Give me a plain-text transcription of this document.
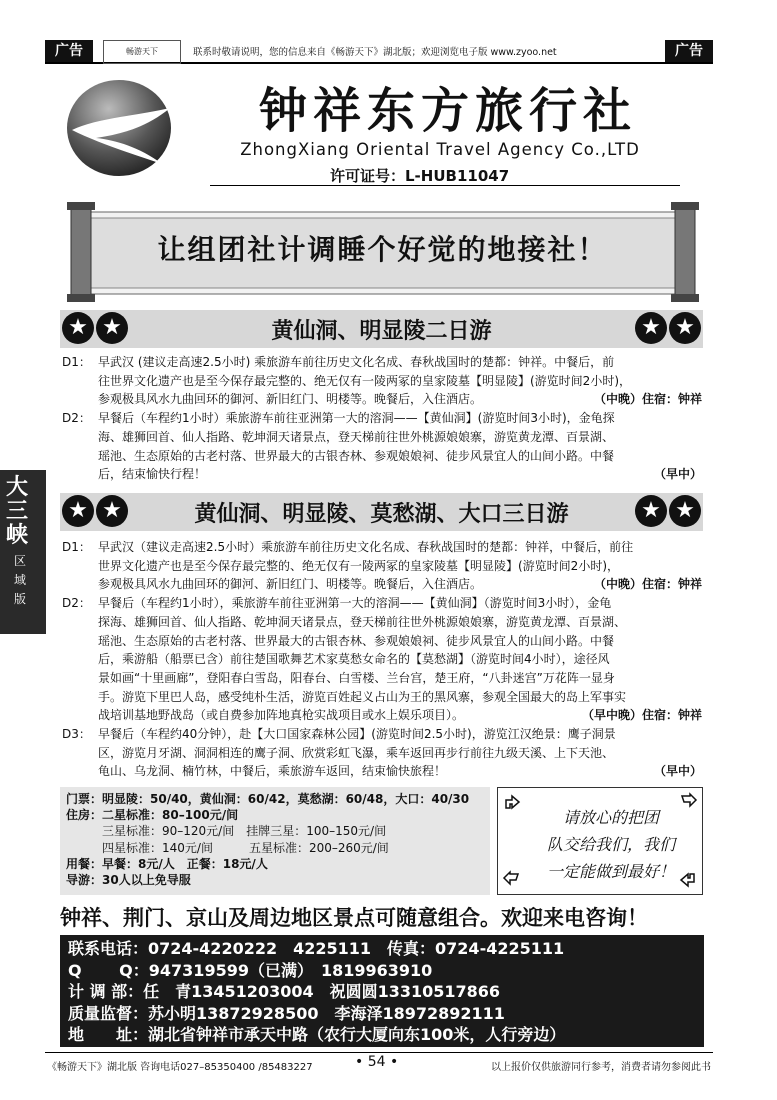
广告	畅游天下	联系时敬请说明，您的信息来自《畅游天下》湖北版；欢迎浏览电子版 www.zyoo.net	广告
钟祥东方旅行社
ZhongXiang Oriental Travel Agency Co.,LTD
许可证号：L-HUB11047
让组团社计调睡个好觉的地接社！
大
三
峡
区
域
版
★ ★	黄仙洞、明显陵二日游	★ ★
D1： 早武汉 (建议走高速2.5小时) 乘旅游车前往历史文化名成、春秋战国时的楚都：钟祥。中餐后，前
往世界文化遗产也是至今保存最完整的、绝无仅有一陵两冢的皇家陵墓【明显陵】(游览时间2小时)，
（中晚）住宿：钟祥
参观极具风水九曲回环的御河、新旧红门、明楼等。晚餐后，入住酒店。
D2： 早餐后（车程约1小时）乘旅游车前往亚洲第一大的溶洞——【黄仙洞】(游览时间3小时)，金龟探
海、雄狮回首、仙人指路、乾坤洞天诸景点，登天梯前往世外桃源娘娘寨，游览黄龙潭、百景湖、
瑶池、生态原始的古老村落、世界最大的古银杏林、参观娘娘祠、徒步风景宜人的山间小路。中餐
（早中）
后，结束愉快行程！
★ ★	黄仙洞、明显陵、莫愁湖、大口三日游	★ ★
D1： 早武汉（建议走高速2.5小时）乘旅游车前往历史文化名成、春秋战国时的楚都：钟祥，中餐后，前往
世界文化遗产也是至今保存最完整的、绝无仅有一陵两冢的皇家陵墓【明显陵】(游览时间2小时)，
（中晚）住宿：钟祥
参观极具风水九曲回环的御河、新旧红门、明楼等。晚餐后，入住酒店。
D2： 早餐后（车程约1小时），乘旅游车前往亚洲第一大的溶洞——【黄仙洞】（游览时间3小时），金龟
探海、雄狮回首、仙人指路、乾坤洞天诸景点，登天梯前往世外桃源娘娘寨，游览黄龙潭、百景湖、
瑶池、生态原始的古老村落、世界最大的古银杏林、参观娘娘祠、徒步风景宜人的山间小路。中餐
后，乘游船（船票已含）前往楚国歌舞艺术家莫愁女命名的【莫愁湖】（游览时间4小时），途径风
景如画“十里画廊”，登阳春白雪岛，阳春台、白雪楼、兰台宫，楚王府，“八卦迷宫”万花阵一显身
手。游览下里巴人岛，感受纯朴生活，游览百姓起义占山为王的黑风寨，参观全国最大的岛上军事实
（早中晚）住宿：钟祥
战培训基地野战岛（或自费参加阵地真枪实战项目或水上娱乐项目）。
D3： 早餐后（车程约40分钟），赴【大口国家森林公园】(游览时间2.5小时)，游览江汉绝景：鹰子洞景
区，游览月牙湖、洞洞相连的鹰子洞、欣赏彩虹飞瀑，乘车返回再步行前往九级天溪、上下天池、
（早中）
龟山、乌龙洞、楠竹林，中餐后，乘旅游车返回，结束愉快旅程！
门票：明显陵：50/40，黄仙洞：60/42，莫愁湖：60/48，大口：40/30
住房：二星标准：80–100元/间
三星标准：90–120元/间　挂牌三星：100–150元/间
四星标准：140元/间　　　五星标准：200–260元/间
用餐：早餐：8元/人　正餐：18元/人
导游：30人以上免导服
请放心的把团
队交给我们，我们
一定能做到最好！
钟祥、荆门、京山及周边地区景点可随意组合。欢迎来电咨询！
联系电话：0724-4220222　4225111　传真：0724-4225111
Q　　 Q：947319599（已满）　1819963910
计 调 部：任　青13451203004　祝圆圆13310517866
质量监督：苏小明13872928500　李海泽18972892111
地　　址：湖北省钟祥市承天中路（农行大厦向东100米，人行旁边）
《畅游天下》湖北版 咨询电话027–85350400 /85483227	• 54 •	以上报价仅供旅游同行参考，消费者请勿参阅此书
